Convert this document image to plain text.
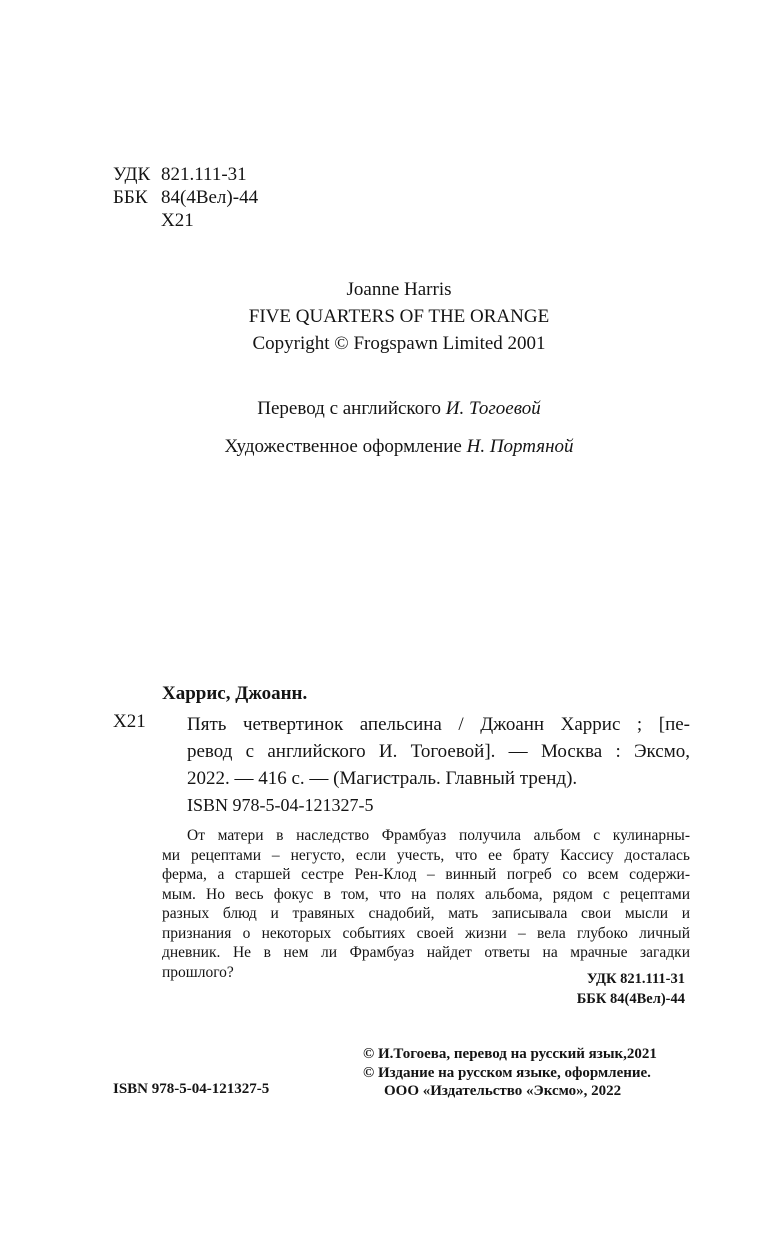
УДК 821.111-31
ББК 84(4Вел)-44
Х21
Joanne Harris
FIVE QUARTERS OF THE ORANGE
Copyright © Frogspawn Limited 2001
Перевод с английского И. Тогоевой
Художественное оформление Н. Портяной
Харрис, Джоанн.
Х21 Пять четвертинок апельсина / Джоанн Харрис ; [пе-
ревод с английского И. Тогоевой]. — Москва : Эксмо,
2022. — 416 с. — (Магистраль. Главный тренд).
ISBN 978-5-04-121327-5
От матери в наследство Фрамбуаз получила альбом с кулинарны-
ми рецептами – негусто, если учесть, что ее брату Кассису досталась
ферма, а старшей сестре Рен-Клод – винный погреб со всем содержи-
мым. Но весь фокус в том, что на полях альбома, рядом с рецептами
разных блюд и травяных снадобий, мать записывала свои мысли и
признания о некоторых событиях своей жизни – вела глубоко личный
дневник. Не в нем ли Фрамбуаз найдет ответы на мрачные загадки
прошлого?	УДК 821.111-31
ББК 84(4Вел)-44
© И.Тогоева, перевод на русский язык,2021
© Издание на русском языке, оформление.
ООО «Издательство «Эксмо», 2022
ISBN 978-5-04-121327-5
